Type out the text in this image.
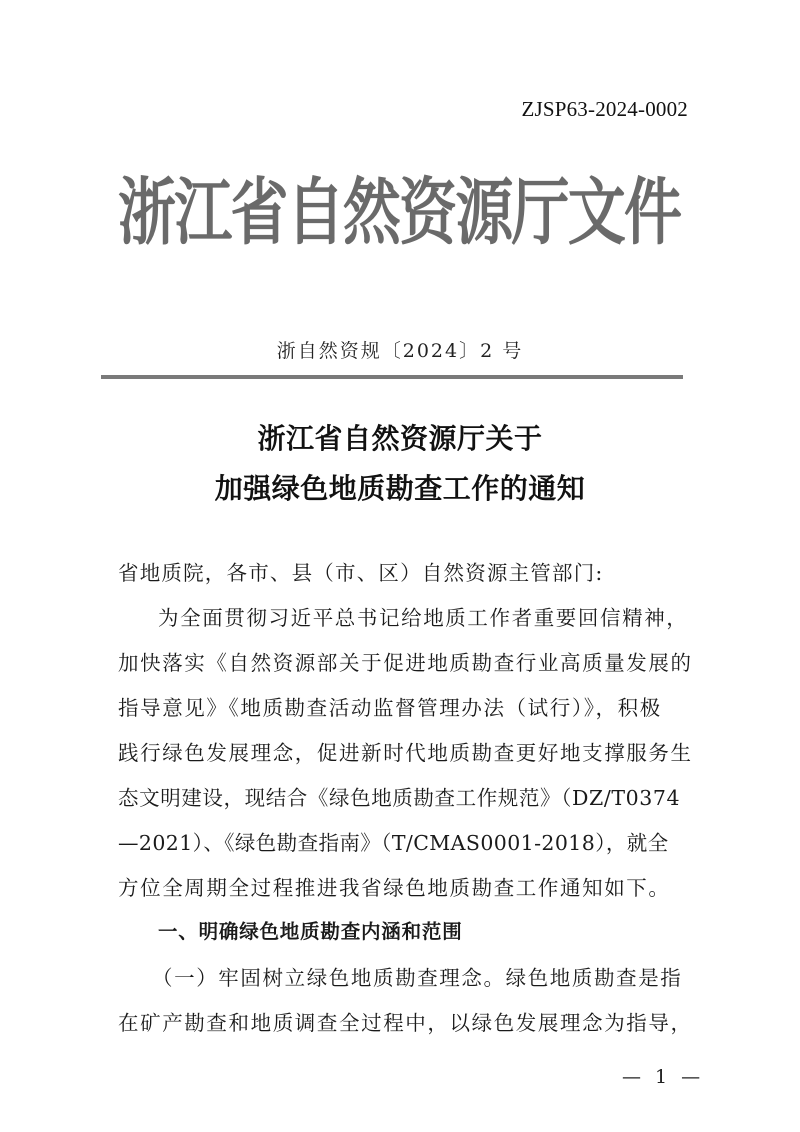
ZJSP63-2024-0002
浙
江
省
自
然
资
源
厅
文
件
浙自然资规〔2024〕2 号
浙江省自然资源厅关于
加强绿色地质勘查工作的通知
省地质院，各市、县（市、区）自然资源主管部门:
为全面贯彻习近平总书记给地质工作者重要回信精神，
加快落实《自然资源部关于促进地质勘查行业高质量发展的
指导意见》《地质勘查活动监督管理办法（试行）》，积极
践行绿色发展理念，促进新时代地质勘查更好地支撑服务生
态文明建设，现结合《绿色地质勘查工作规范》（DZ/T0374
—2021）、《绿色勘查指南》（T/CMAS0001-2018），就全
方位全周期全过程推进我省绿色地质勘查工作通知如下。
一、明确绿色地质勘查内涵和范围
（一）牢固树立绿色地质勘查理念。绿色地质勘查是指
在矿产勘查和地质调查全过程中，以绿色发展理念为指导，
— 1 —
